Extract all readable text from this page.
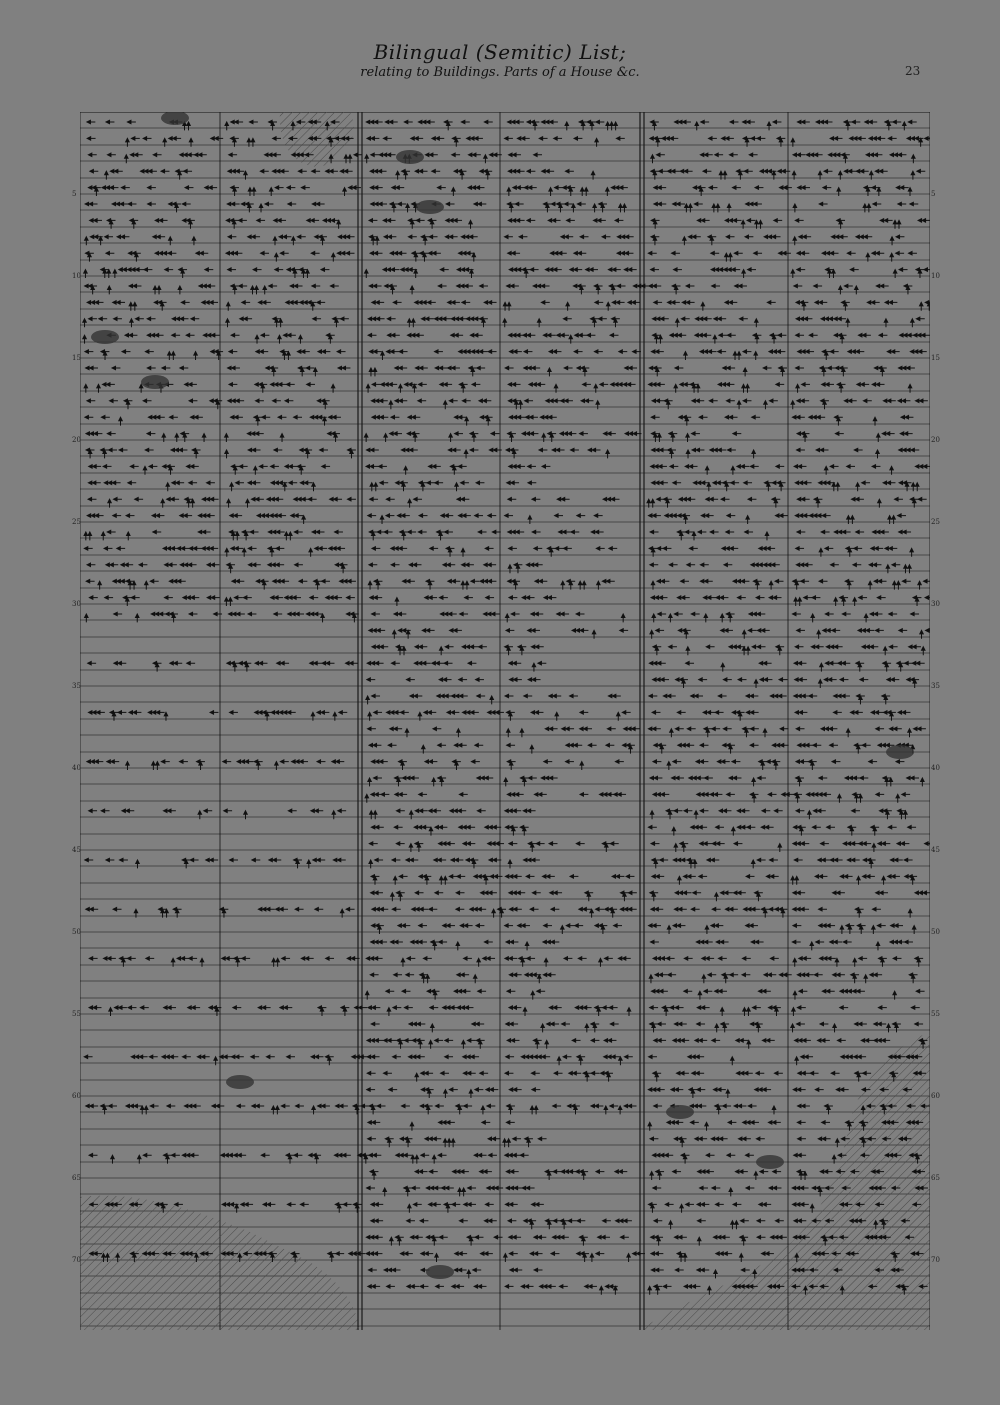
Bilingual (Semitic) List;
relating to Buildings. Parts of a House &c.	23
5
10
15
20
25
30
35
40
45
50
55
60
65
70
5
10
15
20
25
30
35
40
45
50
55
60
65
70
